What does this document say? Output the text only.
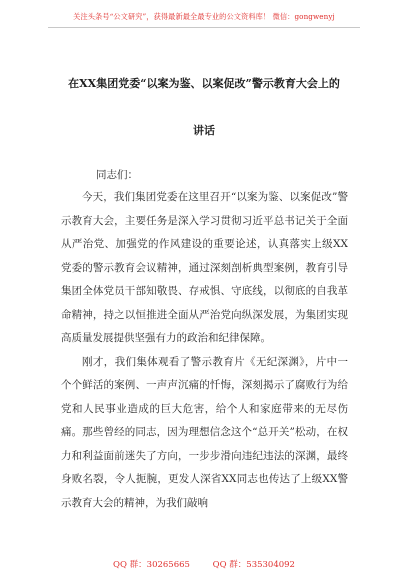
关注头条号“公文研究”，获得最新最全最专业的公文资料库！ 微信：gongwenyj
在XX集团党委“以案为鉴、以案促改”警示教育大会上的
讲话
同志们：

今天，我们集团党委在这里召开“以案为鉴、以案促改”警示教育大会，主要任务是深入学习贯彻习近平总书记关于全面从严治党、加强党的作风建设的重要论述，认真落实上级XX党委的警示教育会议精神，通过深刻剖析典型案例，教育引导集团全体党员干部知敬畏、存戒惧、守底线，以彻底的自我革命精神，持之以恒推进全面从严治党向纵深发展，为集团实现高质量发展提供坚强有力的政治和纪律保障。

刚才，我们集体观看了警示教育片《无纪深渊》，片中一个个鲜活的案例、一声声沉痛的忏悔，深刻揭示了腐败行为给党和人民事业造成的巨大危害，给个人和家庭带来的无尽伤痛。那些曾经的同志，因为理想信念这个“总开关”松动，在权力和利益面前迷失了方向，一步步滑向违纪违法的深渊，最终身败名裂，令人扼腕，更发人深省XX同志也传达了上级XX警示教育大会的精神，为我们敲响

QQ 群：30265665	QQ 群：535304092
